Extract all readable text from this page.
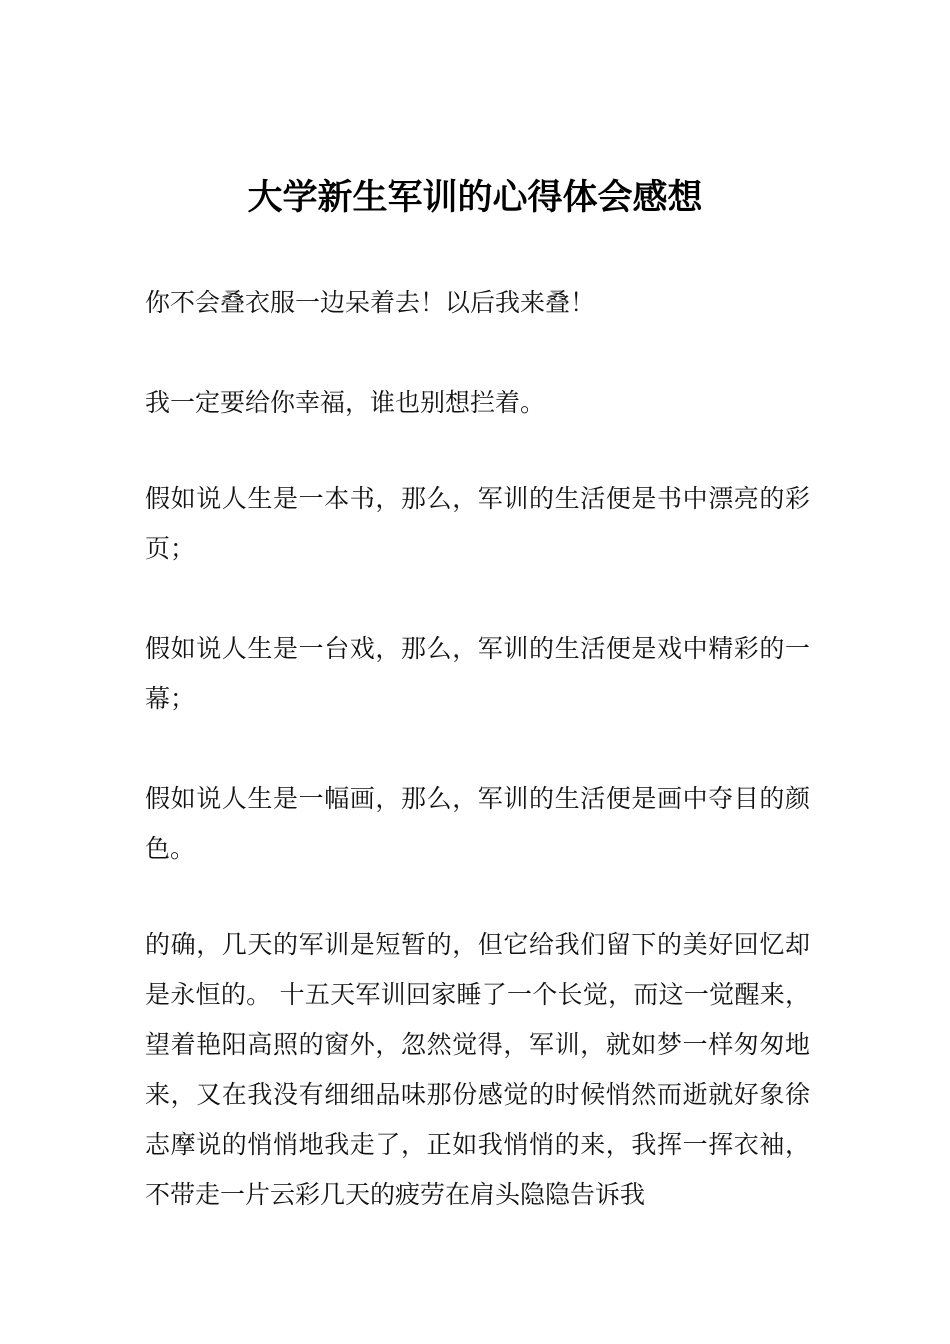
大学新生军训的心得体会感想

你不会叠衣服一边呆着去！以后我来叠！

我一定要给你幸福，谁也别想拦着。

假如说人生是一本书，那么，军训的生活便是书中漂亮的彩页；

假如说人生是一台戏，那么，军训的生活便是戏中精彩的一幕；

假如说人生是一幅画，那么，军训的生活便是画中夺目的颜色。

的确，几天的军训是短暂的，但它给我们留下的美好回忆却是永恒的。 十五天军训回家睡了一个长觉，而这一觉醒来，望着艳阳高照的窗外，忽然觉得，军训，就如梦一样匆匆地来，又在我没有细细品味那份感觉的时候悄然而逝就好象徐志摩说的悄悄地我走了，正如我悄悄的来，我挥一挥衣袖，不带走一片云彩几天的疲劳在肩头隐隐告诉我
